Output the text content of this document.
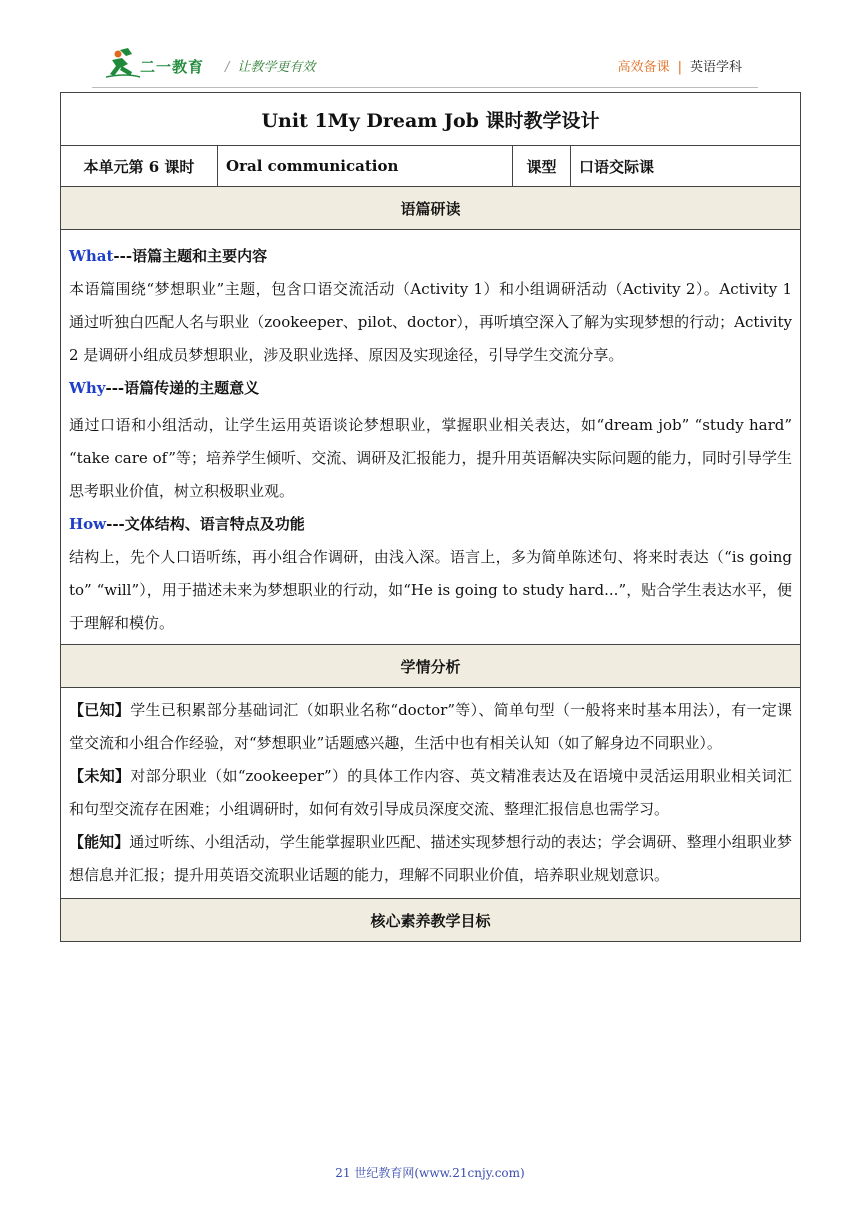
二一教育 / 让教学更有效	高效备课 | 英语学科
Unit 1My Dream Job 课时教学设计
本单元第 6 课时	Oral communication	课型	口语交际课
语篇研读

What---语篇主题和主要内容

本语篇围绕“梦想职业”主题，包含口语交流活动（Activity 1）和小组调研活动（Activity 2）。Activity 1 通过听独白匹配人名与职业（zookeeper、pilot、doctor），再听填空深入了解为实现梦想的行动；Activity 2 是调研小组成员梦想职业，涉及职业选择、原因及实现途径，引导学生交流分享。

Why---语篇传递的主题意义

通过口语和小组活动，让学生运用英语谈论梦想职业，掌握职业相关表达，如“dream job” “study hard” “take care of”等；培养学生倾听、交流、调研及汇报能力，提升用英语解决实际问题的能力，同时引导学生思考职业价值，树立积极职业观。

How---文体结构、语言特点及功能

结构上，先个人口语听练，再小组合作调研，由浅入深。语言上，多为简单陈述句、将来时表达（“is going to” “will”），用于描述未来为梦想职业的行动，如“He is going to study hard...”，贴合学生表达水平，便于理解和模仿。

学情分析

【已知】学生已积累部分基础词汇（如职业名称“doctor”等）、简单句型（一般将来时基本用法），有一定课堂交流和小组合作经验，对“梦想职业”话题感兴趣，生活中也有相关认知（如了解身边不同职业）。

【未知】对部分职业（如“zookeeper”）的具体工作内容、英文精准表达及在语境中灵活运用职业相关词汇和句型交流存在困难；小组调研时，如何有效引导成员深度交流、整理汇报信息也需学习。

【能知】通过听练、小组活动，学生能掌握职业匹配、描述实现梦想行动的表达；学会调研、整理小组职业梦想信息并汇报；提升用英语交流职业话题的能力，理解不同职业价值，培养职业规划意识。

核心素养教学目标
21 世纪教育网(www.21cnjy.com)
